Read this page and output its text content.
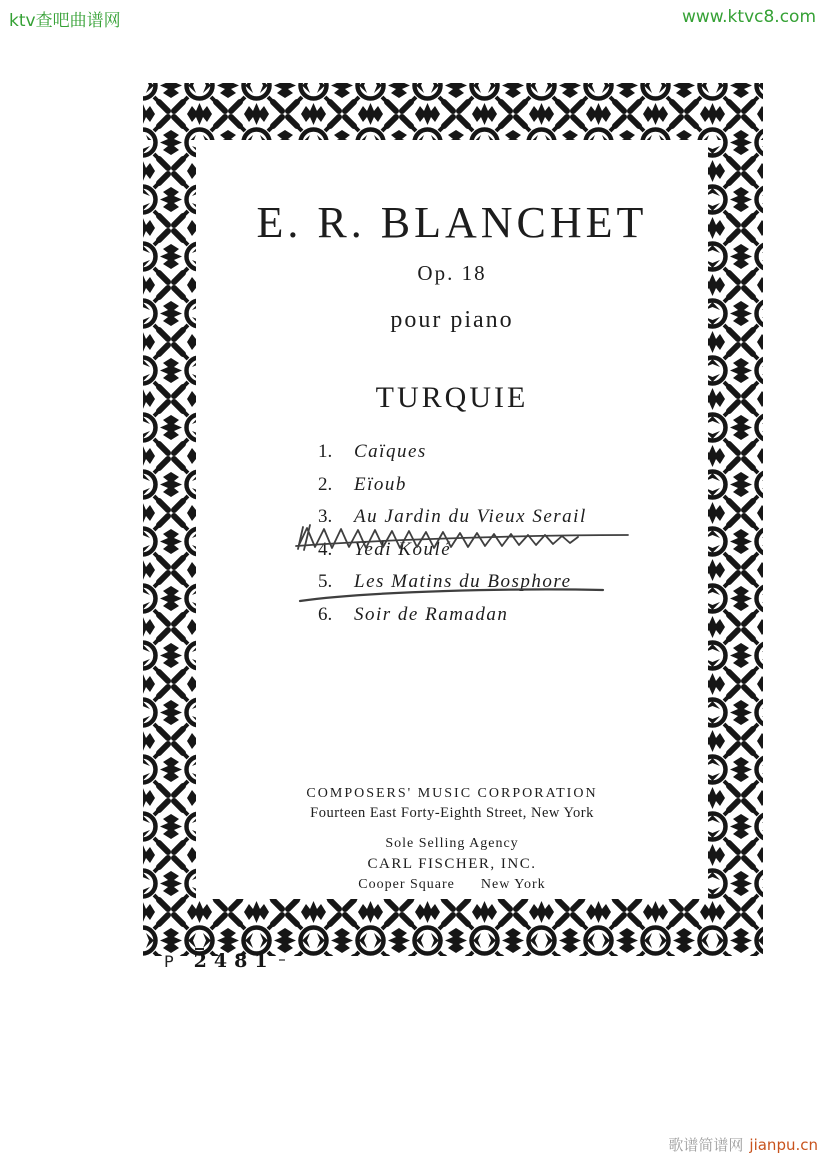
ktv查吧曲谱网	www.ktvc8.com
E. R. BLANCHET
Op. 18
pour piano
TURQUIE
1.	Caïques
2.	Eïoub
3.	Au Jardin du Vieux Serail
4.	Yedi Koulé
5.	Les Matins du Bosphore
6.	Soir de Ramadan
COMPOSERS' MUSIC CORPORATION
Fourteen East Forty-Eighth Street, New York
Sole Selling Agency
CARL FISCHER, INC.
Cooper Square New York
P 2481
歌谱简谱网 jianpu.cn
